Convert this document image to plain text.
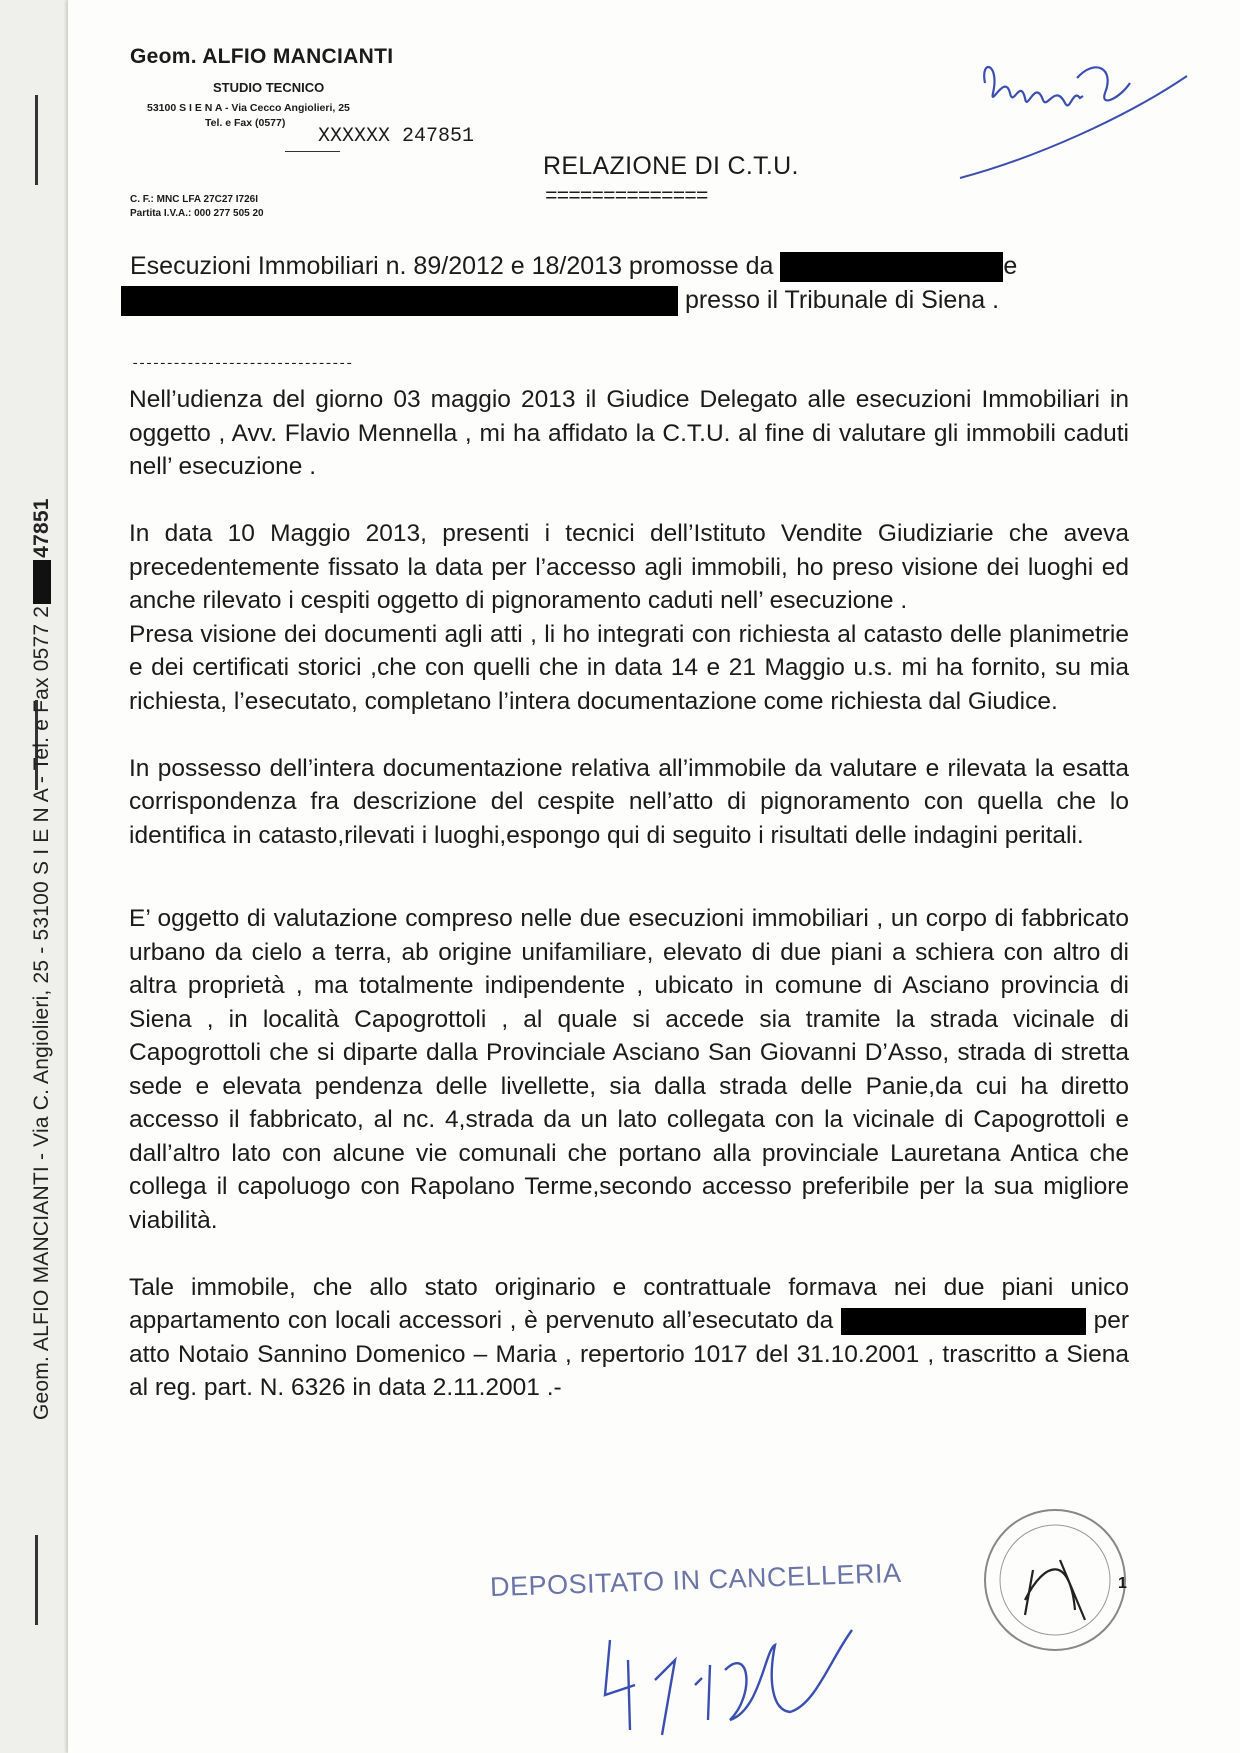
Geom. ALFIO MANCIANTI - Via C. Angiolieri, 25 - 53100 S I E N A - Tel. e Fax 0577 2.47851
Geom. ALFIO MANCIANTI
STUDIO TECNICO
53100 S I E N A - Via Cecco Angiolieri, 25
Tel. e Fax (0577)
XXXXXX 247851
C. F.: MNC LFA 27C27 I726I
Partita I.V.A.: 000 277 505 20
RELAZIONE DI C.T.U.
==============
Esecuzioni Immobiliari n. 89/2012 e 18/2013 promosse da	e
presso il Tribunale di Siena .
--------------------------------

Nell’udienza del giorno 03 maggio 2013 il Giudice Delegato alle esecuzioni Immobiliari in oggetto , Avv. Flavio Mennella , mi ha affidato la C.T.U. al fine di valutare gli immobili caduti nell’ esecuzione .

In data 10 Maggio 2013, presenti i tecnici dell’Istituto Vendite Giudiziarie che aveva precedentemente fissato la data per l’accesso agli immobili, ho preso visione dei luoghi ed anche rilevato i cespiti oggetto di pignoramento caduti nell’ esecuzione .

Presa visione dei documenti agli atti , li ho integrati con richiesta al catasto delle planimetrie e dei certificati storici ,che con quelli che in data 14 e 21 Maggio u.s. mi ha fornito, su mia richiesta, l’esecutato, completano l’intera documentazione come richiesta dal Giudice.

In possesso dell’intera documentazione relativa all’immobile da valutare e rilevata la esatta corrispondenza fra descrizione del cespite nell’atto di pignoramento con quella che lo identifica in catasto,rilevati i luoghi,espongo qui di seguito i risultati delle indagini peritali.

E’ oggetto di valutazione compreso nelle due esecuzioni immobiliari , un corpo di fabbricato urbano da cielo a terra, ab origine unifamiliare, elevato di due piani a schiera con altro di altra proprietà , ma totalmente indipendente , ubicato in comune di Asciano provincia di Siena , in località Capogrottoli , al quale si accede sia tramite la strada vicinale di Capogrottoli che si diparte dalla Provinciale Asciano San Giovanni D’Asso, strada di stretta sede e elevata pendenza delle livellette, sia dalla strada delle Panie,da cui ha diretto accesso il fabbricato, al nc. 4,strada da un lato collegata con la vicinale di Capogrottoli e dall’altro lato con alcune vie comunali che portano alla provinciale Lauretana Antica che collega il capoluogo con Rapolano Terme,secondo accesso preferibile per la sua migliore viabilità.

Tale immobile, che allo stato originario e contrattuale formava nei due piani unico appartamento con locali accessori , è pervenuto all’esecutato da	per atto Notaio Sannino Domenico – Maria , repertorio 1017 del 31.10.2001 , trascritto a Siena al reg. part. N. 6326 in data 2.11.2001 .-

DEPOSITATO IN CANCELLERIA	1
